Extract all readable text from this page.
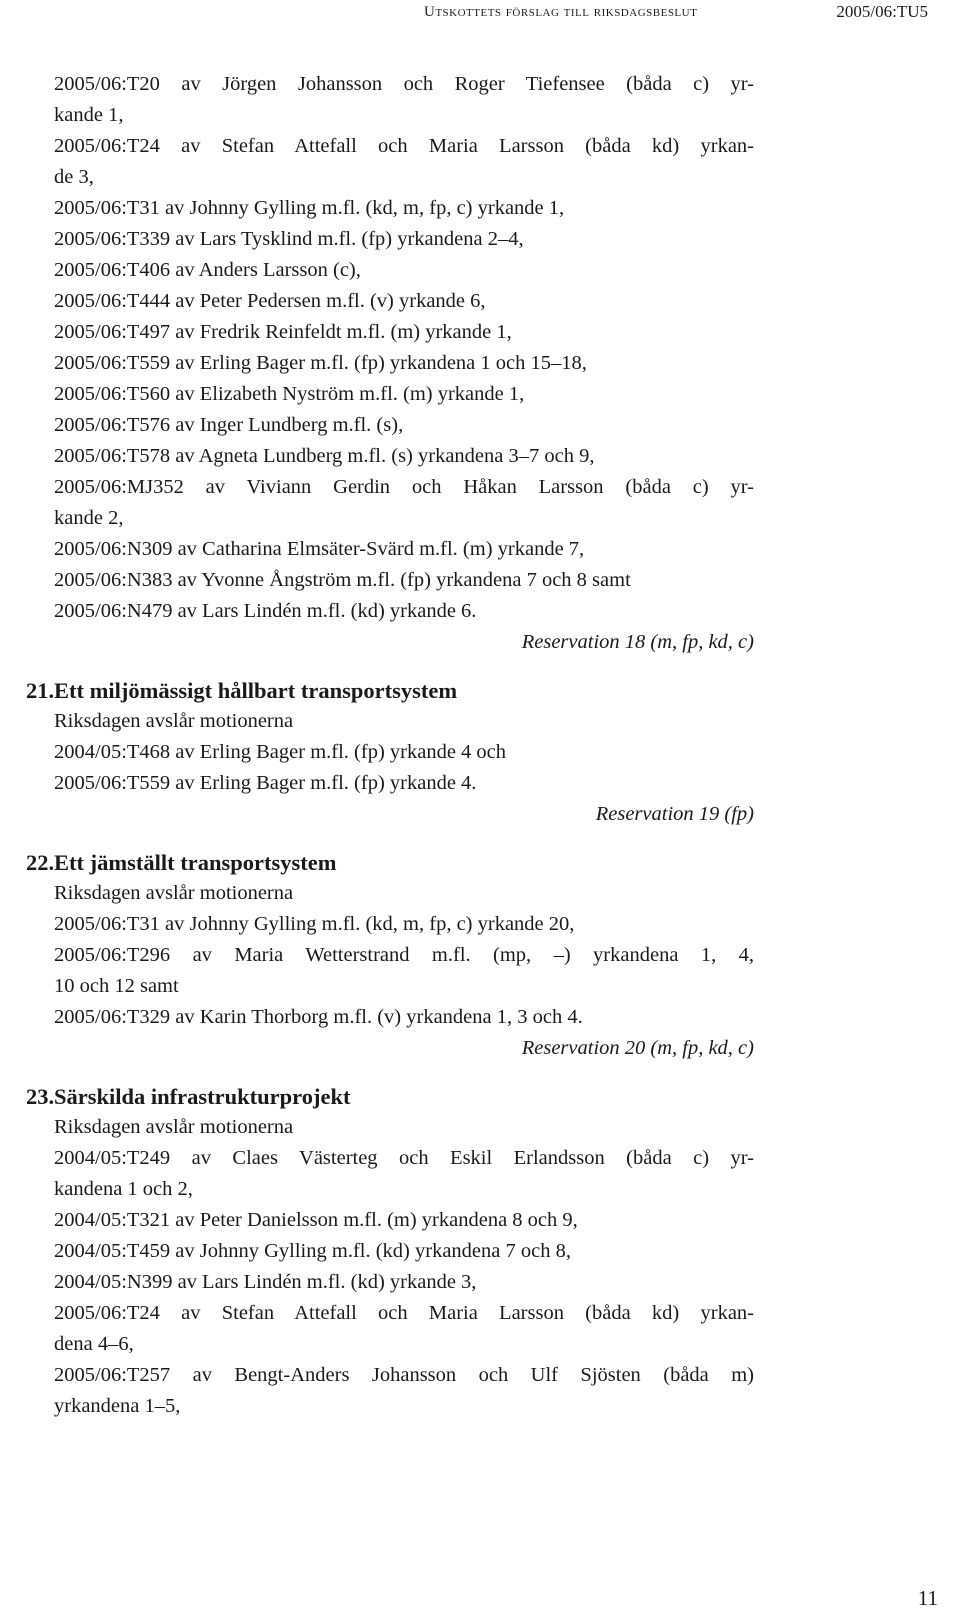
Utskottets förslag till riksdagsbeslut	2005/06:TU5
2005/06:T20 av Jörgen Johansson och Roger Tiefensee (båda c) yr-
kande 1,
2005/06:T24 av Stefan Attefall och Maria Larsson (båda kd) yrkan-
de 3,
2005/06:T31 av Johnny Gylling m.fl. (kd, m, fp, c) yrkande 1,
2005/06:T339 av Lars Tysklind m.fl. (fp) yrkandena 2–4,
2005/06:T406 av Anders Larsson (c),
2005/06:T444 av Peter Pedersen m.fl. (v) yrkande 6,
2005/06:T497 av Fredrik Reinfeldt m.fl. (m) yrkande 1,
2005/06:T559 av Erling Bager m.fl. (fp) yrkandena 1 och 15–18,
2005/06:T560 av Elizabeth Nyström m.fl. (m) yrkande 1,
2005/06:T576 av Inger Lundberg m.fl. (s),
2005/06:T578 av Agneta Lundberg m.fl. (s) yrkandena 3–7 och 9,
2005/06:MJ352 av Viviann Gerdin och Håkan Larsson (båda c) yr-
kande 2,
2005/06:N309 av Catharina Elmsäter-Svärd m.fl. (m) yrkande 7,
2005/06:N383 av Yvonne Ångström m.fl. (fp) yrkandena 7 och 8 samt
2005/06:N479 av Lars Lindén m.fl. (kd) yrkande 6.
Reservation 18 (m, fp, kd, c)
21. Ett miljömässigt hållbart transportsystem
Riksdagen avslår motionerna
2004/05:T468 av Erling Bager m.fl. (fp) yrkande 4 och
2005/06:T559 av Erling Bager m.fl. (fp) yrkande 4.
Reservation 19 (fp)
22. Ett jämställt transportsystem
Riksdagen avslår motionerna
2005/06:T31 av Johnny Gylling m.fl. (kd, m, fp, c) yrkande 20,
2005/06:T296 av Maria Wetterstrand m.fl. (mp, –) yrkandena 1, 4,
10 och 12 samt
2005/06:T329 av Karin Thorborg m.fl. (v) yrkandena 1, 3 och 4.
Reservation 20 (m, fp, kd, c)
23. Särskilda infrastrukturprojekt
Riksdagen avslår motionerna
2004/05:T249 av Claes Västerteg och Eskil Erlandsson (båda c) yr-
kandena 1 och 2,
2004/05:T321 av Peter Danielsson m.fl. (m) yrkandena 8 och 9,
2004/05:T459 av Johnny Gylling m.fl. (kd) yrkandena 7 och 8,
2004/05:N399 av Lars Lindén m.fl. (kd) yrkande 3,
2005/06:T24 av Stefan Attefall och Maria Larsson (båda kd) yrkan-
dena 4–6,
2005/06:T257 av Bengt-Anders Johansson och Ulf Sjösten (båda m)
yrkandena 1–5,
11
